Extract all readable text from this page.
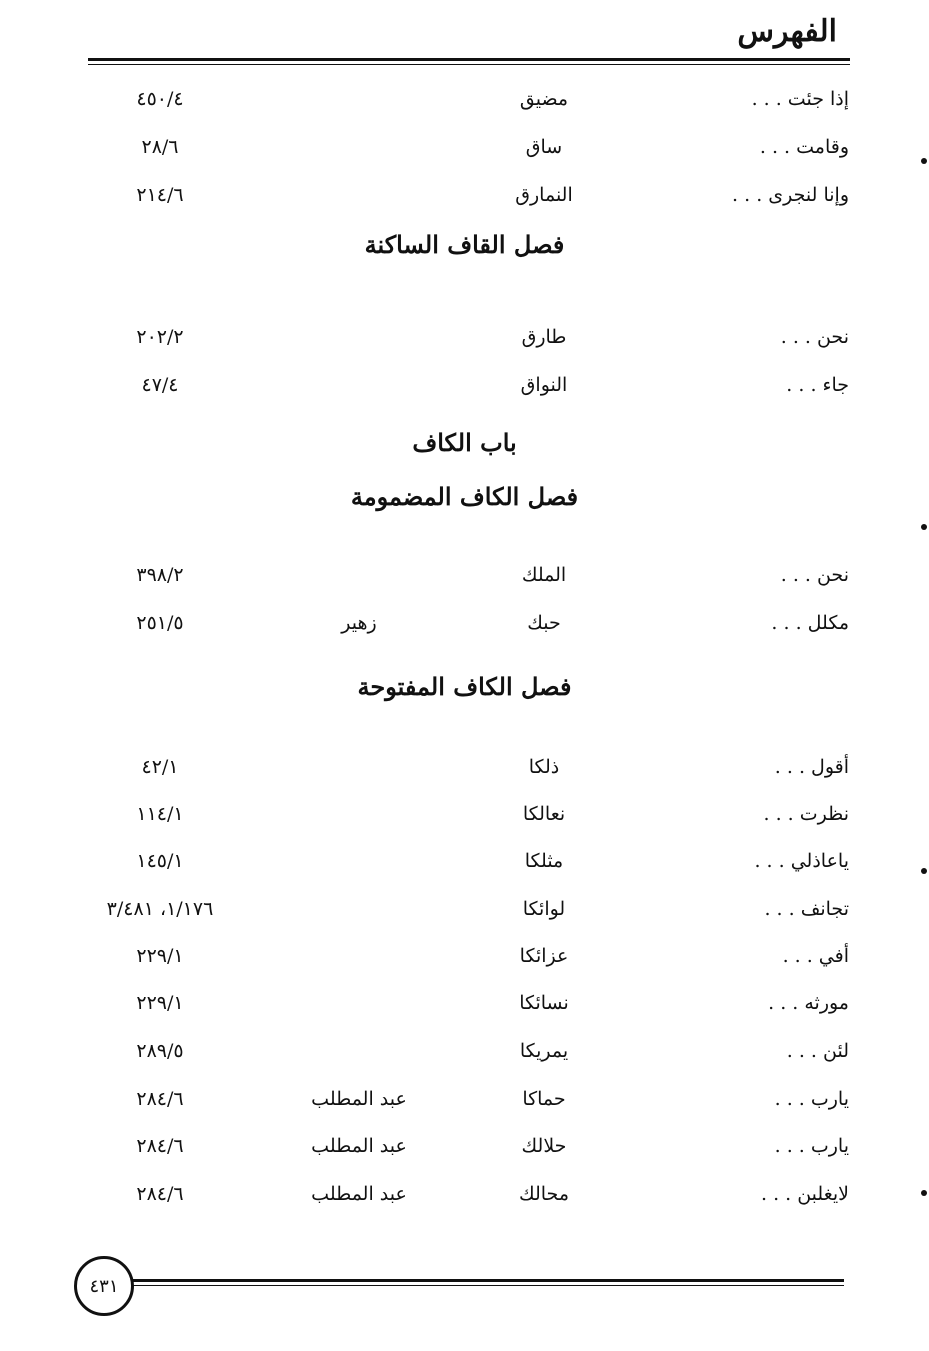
الفهرس
إذا جئت . . .
مضيق
٤٥٠/٤
وقامت . . .
ساق
٢٨/٦
وإنا لنجرى . . .
النمارق
٢١٤/٦
فصل القاف الساكنة
نحن . . .
طارق
٢٠٢/٢
جاء . . .
النواق
٤٧/٤
باب الكاف
فصل الكاف المضمومة
نحن . . .
الملك
٣٩٨/٢
مكلل . . .
حبك
زهير
٢٥١/٥
فصل الكاف المفتوحة
أقول . . .
ذلكا
٤٢/١
نظرت . . .
نعالكا
١١٤/١
ياعاذلي . . .
مثلكا
١٤٥/١
تجانف . . .
لوائكا
١/١٧٦، ٣/٤٨١
أفي . . .
عزائكا
٢٢٩/١
مورثه . . .
نسائكا
٢٢٩/١
لئن . . .
يمريكا
٢٨٩/٥
يارب . . .
حماكا
عبد المطلب
٢٨٤/٦
يارب . . .
حلالك
عبد المطلب
٢٨٤/٦
لايغلبن . . .
محالك
عبد المطلب
٢٨٤/٦
٤٣١
